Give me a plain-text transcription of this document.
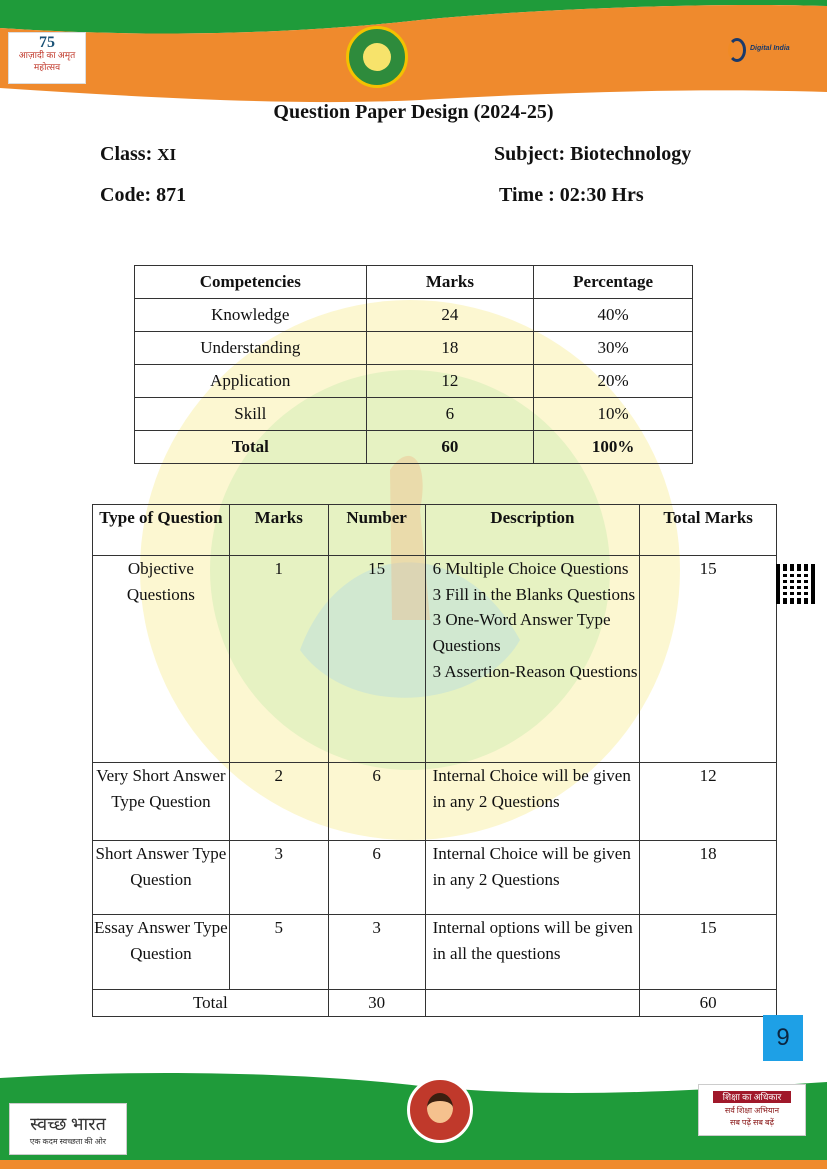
75
आज़ादी का अमृत महोत्सव
Digital India
Question Paper Design (2024-25)
Class: XI	Subject: Biotechnology
Code: 871	Time : 02:30 Hrs
Competencies	Marks	Percentage
Knowledge	24	40%
Understanding	18	30%
Application	12	20%
Skill	6	10%
Total	60	100%
Type of Question	Marks	Number	Description	Total Marks
Objective Questions	1	15	6 Multiple Choice Questions
3 Fill in the Blanks Questions
3 One-Word Answer Type Questions
3 Assertion-Reason Questions	15
Very Short Answer Type Question	2	6	Internal Choice will be given in any 2 Questions	12
Short Answer Type Question	3	6	Internal Choice will be given in any 2 Questions	18
Essay Answer Type Question	5	3	Internal options will be given in all the questions	15
Total		30		60
9
स्वच्छ भारत
एक कदम स्वच्छता की ओर
शिक्षा का अधिकार
सर्व शिक्षा अभियान
सब पढ़ें सब बढ़ें
